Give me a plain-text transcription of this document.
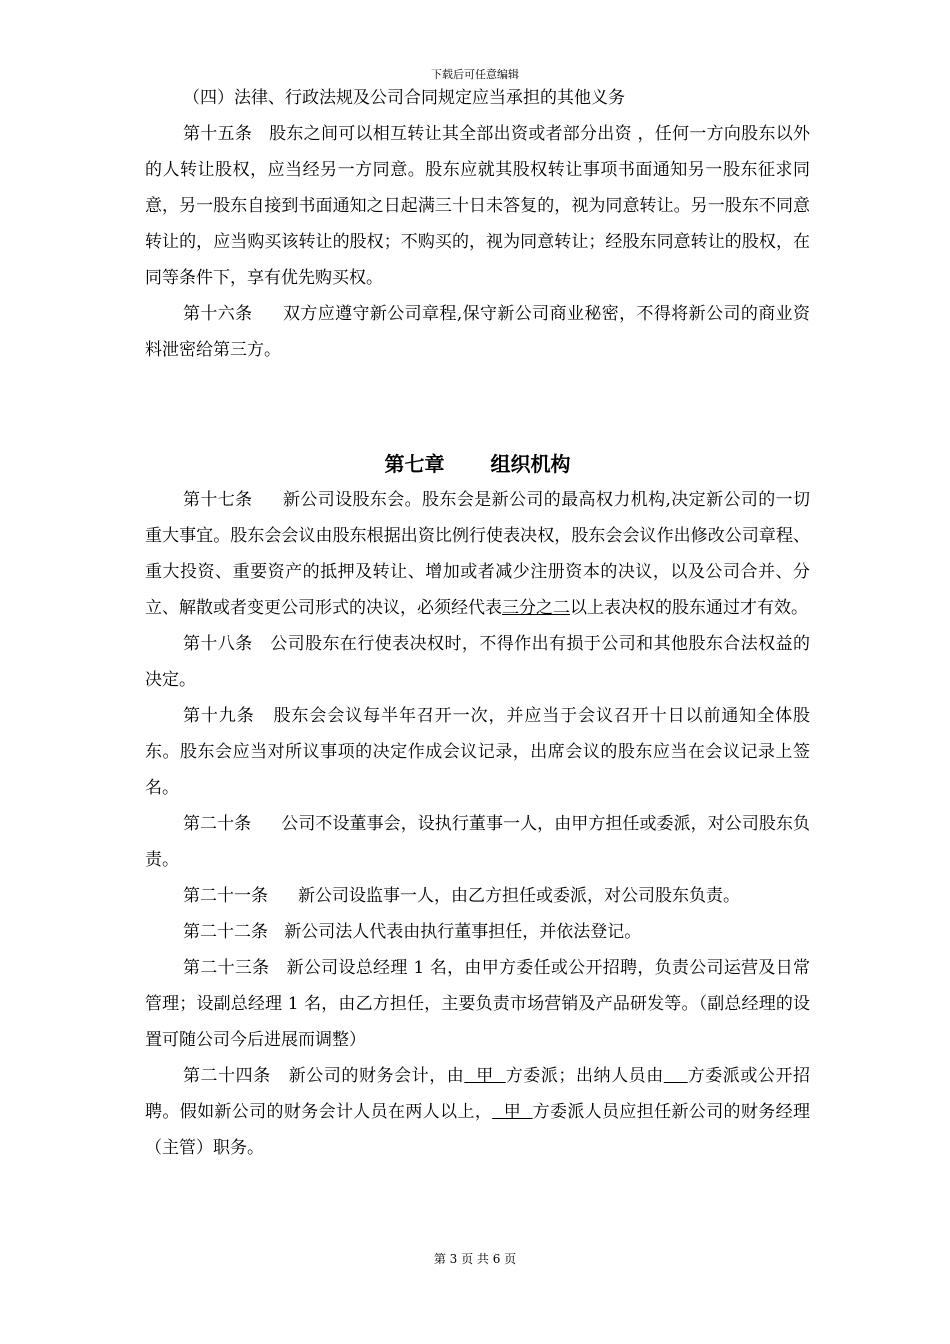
下载后可任意编辑

（四）法律、行政法规及公司合同规定应当承担的其他义务

第十五条 股东之间可以相互转让其全部出资或者部分出资 ，任何一方向股东以外的人转让股权，应当经另一方同意。股东应就其股权转让事项书面通知另一股东征求同意，另一股东自接到书面通知之日起满三十日未答复的，视为同意转让。另一股东不同意转让的，应当购买该转让的股权；不购买的，视为同意转让；经股东同意转让的股权，在同等条件下，享有优先购买权。

第十六条 双方应遵守新公司章程,保守新公司商业秘密，不得将新公司的商业资料泄密给第三方。

第七章 组织机构

第十七条 新公司设股东会。股东会是新公司的最高权力机构,决定新公司的一切重大事宜。股东会会议由股东根据出资比例行使表决权，股东会会议作出修改公司章程、重大投资、重要资产的抵押及转让、增加或者减少注册资本的决议，以及公司合并、分立、解散或者变更公司形式的决议，必须经代表三分之二以上表决权的股东通过才有效。

第十八条 公司股东在行使表决权时，不得作出有损于公司和其他股东合法权益的决定。

第十九条 股东会会议每半年召开一次，并应当于会议召开十日以前通知全体股东。股东会应当对所议事项的决定作成会议记录，出席会议的股东应当在会议记录上签名。

第二十条 公司不设董事会，设执行董事一人，由甲方担任或委派，对公司股东负责。

第二十一条 新公司设监事一人，由乙方担任或委派，对公司股东负责。

第二十二条 新公司法人代表由执行董事担任，并依法登记。

第二十三条 新公司设总经理 1 名，由甲方委任或公开招聘，负责公司运营及日常管理；设副总经理 1 名，由乙方担任，主要负责市场营销及产品研发等。（副总经理的设置可随公司今后进展而调整）

第二十四条 新公司的财务会计，由  甲  方委派；出纳人员由 方委派或公开招聘。假如新公司的财务会计人员在两人以上，  甲  方委派人员应担任新公司的财务经理（主管）职务。

第 3 页 共 6 页
